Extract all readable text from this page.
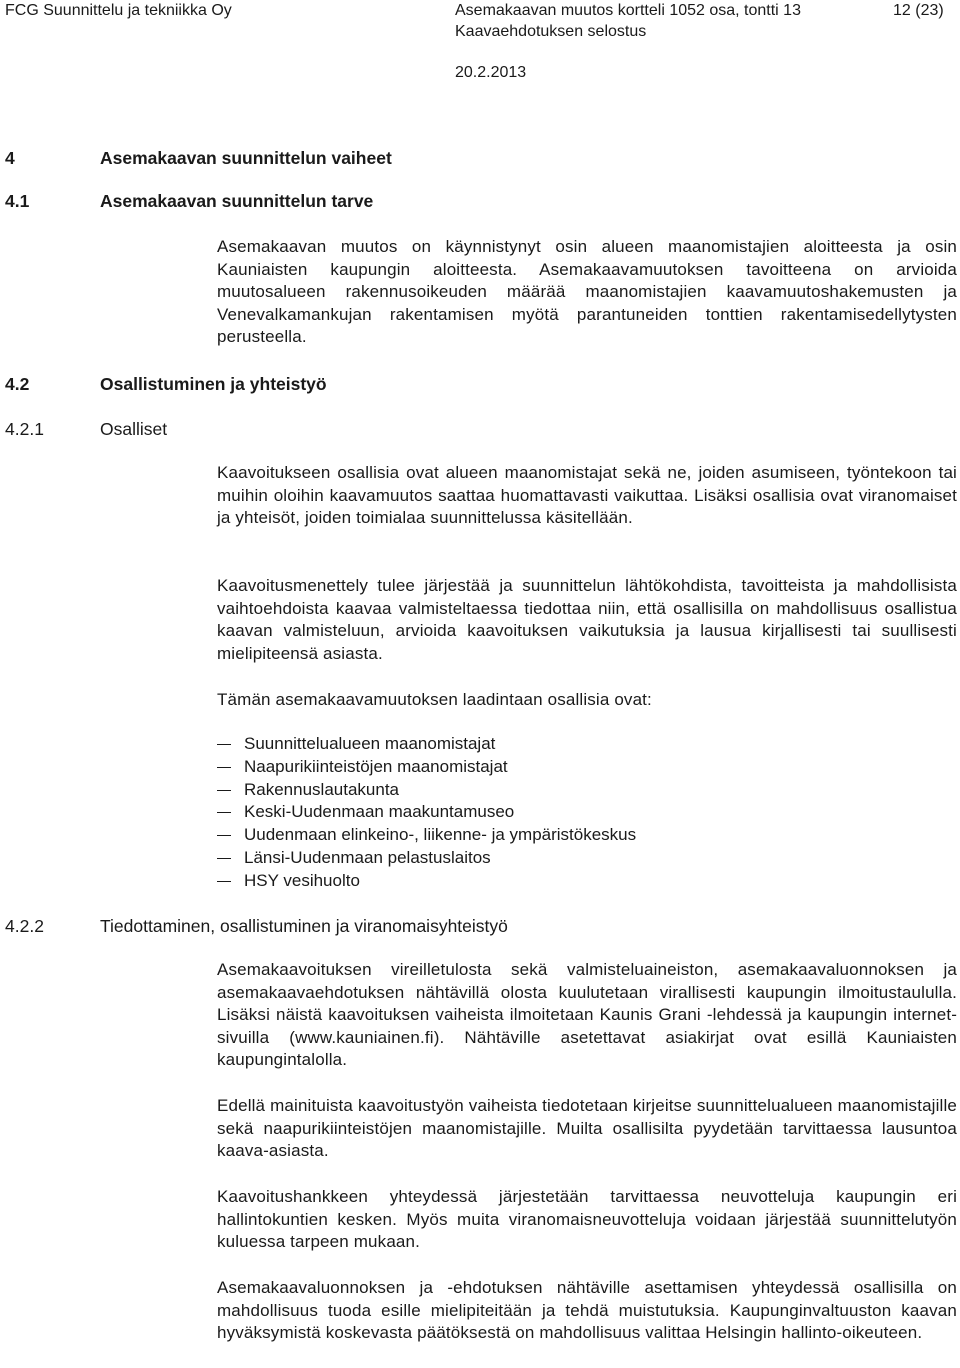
FCG Suunnittelu ja tekniikka Oy	Asemakaavan muutos kortteli 1052 osa, tontti 13	12 (23)
Kaavaehdotuksen selostus
20.2.2013
4	Asemakaavan suunnittelun vaiheet
4.1	Asemakaavan suunnittelun tarve
Asemakaavan muutos on käynnistynyt osin alueen maanomistajien aloitteesta ja osin Kauniaisten kaupungin aloitteesta. Asemakaavamuutoksen tavoitteena on arvioida muutosalueen rakennusoikeuden määrää maanomistajien kaavamuutoshakemusten ja Venevalkamankujan rakentamisen myötä parantuneiden tonttien rakentamisedellytysten perusteella.
4.2	Osallistuminen ja yhteistyö
4.2.1	Osalliset
Kaavoitukseen osallisia ovat alueen maanomistajat sekä ne, joiden asumiseen, työntekoon tai muihin oloihin kaavamuutos saattaa huomattavasti vaikuttaa. Lisäksi osallisia ovat viranomaiset ja yhteisöt, joiden toimialaa suunnittelussa käsitellään.
Kaavoitusmenettely tulee järjestää ja suunnittelun lähtökohdista, tavoitteista ja mahdollisista vaihtoehdoista kaavaa valmisteltaessa tiedottaa niin, että osallisilla on mahdollisuus osallistua kaavan valmisteluun, arvioida kaavoituksen vaikutuksia ja lausua kirjallisesti tai suullisesti mielipiteensä asiasta.
Tämän asemakaavamuutoksen laadintaan osallisia ovat:
Suunnittelualueen maanomistajat
Naapurikiinteistöjen maanomistajat
Rakennuslautakunta
Keski-Uudenmaan maakuntamuseo
Uudenmaan elinkeino-, liikenne- ja ympäristökeskus
Länsi-Uudenmaan pelastuslaitos
HSY vesihuolto
4.2.2	Tiedottaminen, osallistuminen ja viranomaisyhteistyö
Asemakaavoituksen vireilletulosta sekä valmisteluaineiston, asemakaavaluonnoksen ja asemakaavaehdotuksen nähtävillä olosta kuulutetaan virallisesti kaupungin ilmoitustaululla. Lisäksi näistä kaavoituksen vaiheista ilmoitetaan Kaunis Grani -lehdessä ja kaupungin internet-sivuilla (www.kauniainen.fi). Nähtäville asetettavat asiakirjat ovat esillä Kauniaisten kaupungintalolla.
Edellä mainituista kaavoitustyön vaiheista tiedotetaan kirjeitse suunnittelualueen maanomistajille sekä naapurikiinteistöjen maanomistajille. Muilta osallisilta pyydetään tarvittaessa lausuntoa kaava-asiasta.
Kaavoitushankkeen yhteydessä järjestetään tarvittaessa neuvotteluja kaupungin eri hallintokuntien kesken. Myös muita viranomaisneuvotteluja voidaan järjestää suunnittelutyön kuluessa tarpeen mukaan.
Asemakaavaluonnoksen ja -ehdotuksen nähtäville asettamisen yhteydessä osallisilla on mahdollisuus tuoda esille mielipiteitään ja tehdä muistutuksia. Kaupunginvaltuuston kaavan hyväksymistä koskevasta päätöksestä on mahdollisuus valittaa Helsingin hallinto-oikeuteen.
